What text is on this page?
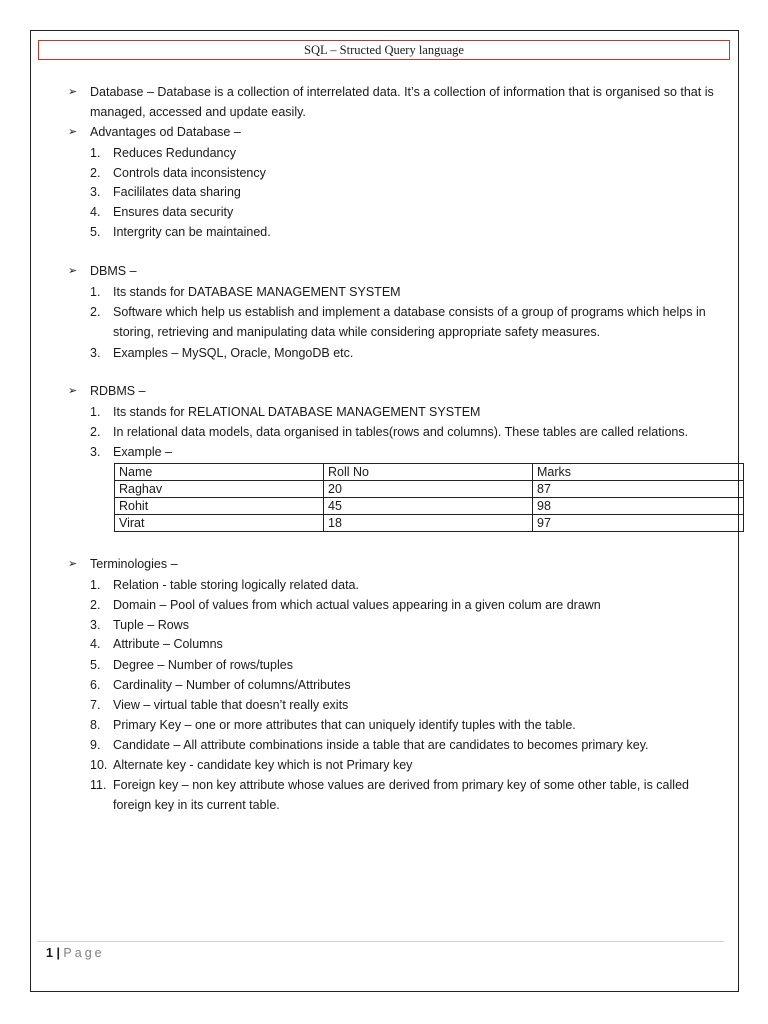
SQL – Structed Query language
➢ Database – Database is a collection of interrelated data. It’s a collection of information that is organised so that is managed, accessed and update easily.
➢ Advantages od Database –
1.	Reduces Redundancy
2.	Controls data inconsistency
3.	Facililates data sharing
4.	Ensures data security
5.	Intergrity can be maintained.
➢ DBMS –
1.	Its stands for DATABASE MANAGEMENT SYSTEM
2.	Software which help us establish and implement a database consists of a group of programs which helps in storing, retrieving and manipulating data while considering appropriate safety measures.
3.	Examples – MySQL, Oracle, MongoDB etc.
➢ RDBMS –
1.	Its stands for RELATIONAL DATABASE MANAGEMENT SYSTEM
2.	In relational data models, data organised in tables(rows and columns). These tables are called relations.
3.	Example –
Name	Roll No	Marks
Raghav	20	87
Rohit	45	98
Virat	18	97
➢ Terminologies –
1.	Relation - table storing logically related data.
2.	Domain – Pool of values from which actual values appearing in a given colum are drawn
3.	Tuple – Rows
4.	Attribute – Columns
5.	Degree – Number of rows/tuples
6.	Cardinality – Number of columns/Attributes
7.	View – virtual table that doesn’t really exits
8.	Primary Key – one or more attributes that can uniquely identify tuples with the table.
9.	Candidate – All attribute combinations inside a table that are candidates to becomes primary key.
10. Alternate key - candidate key which is not Primary key
11. Foreign key – non key attribute whose values are derived from primary key of some other table, is called foreign key in its current table.
1 | Page
